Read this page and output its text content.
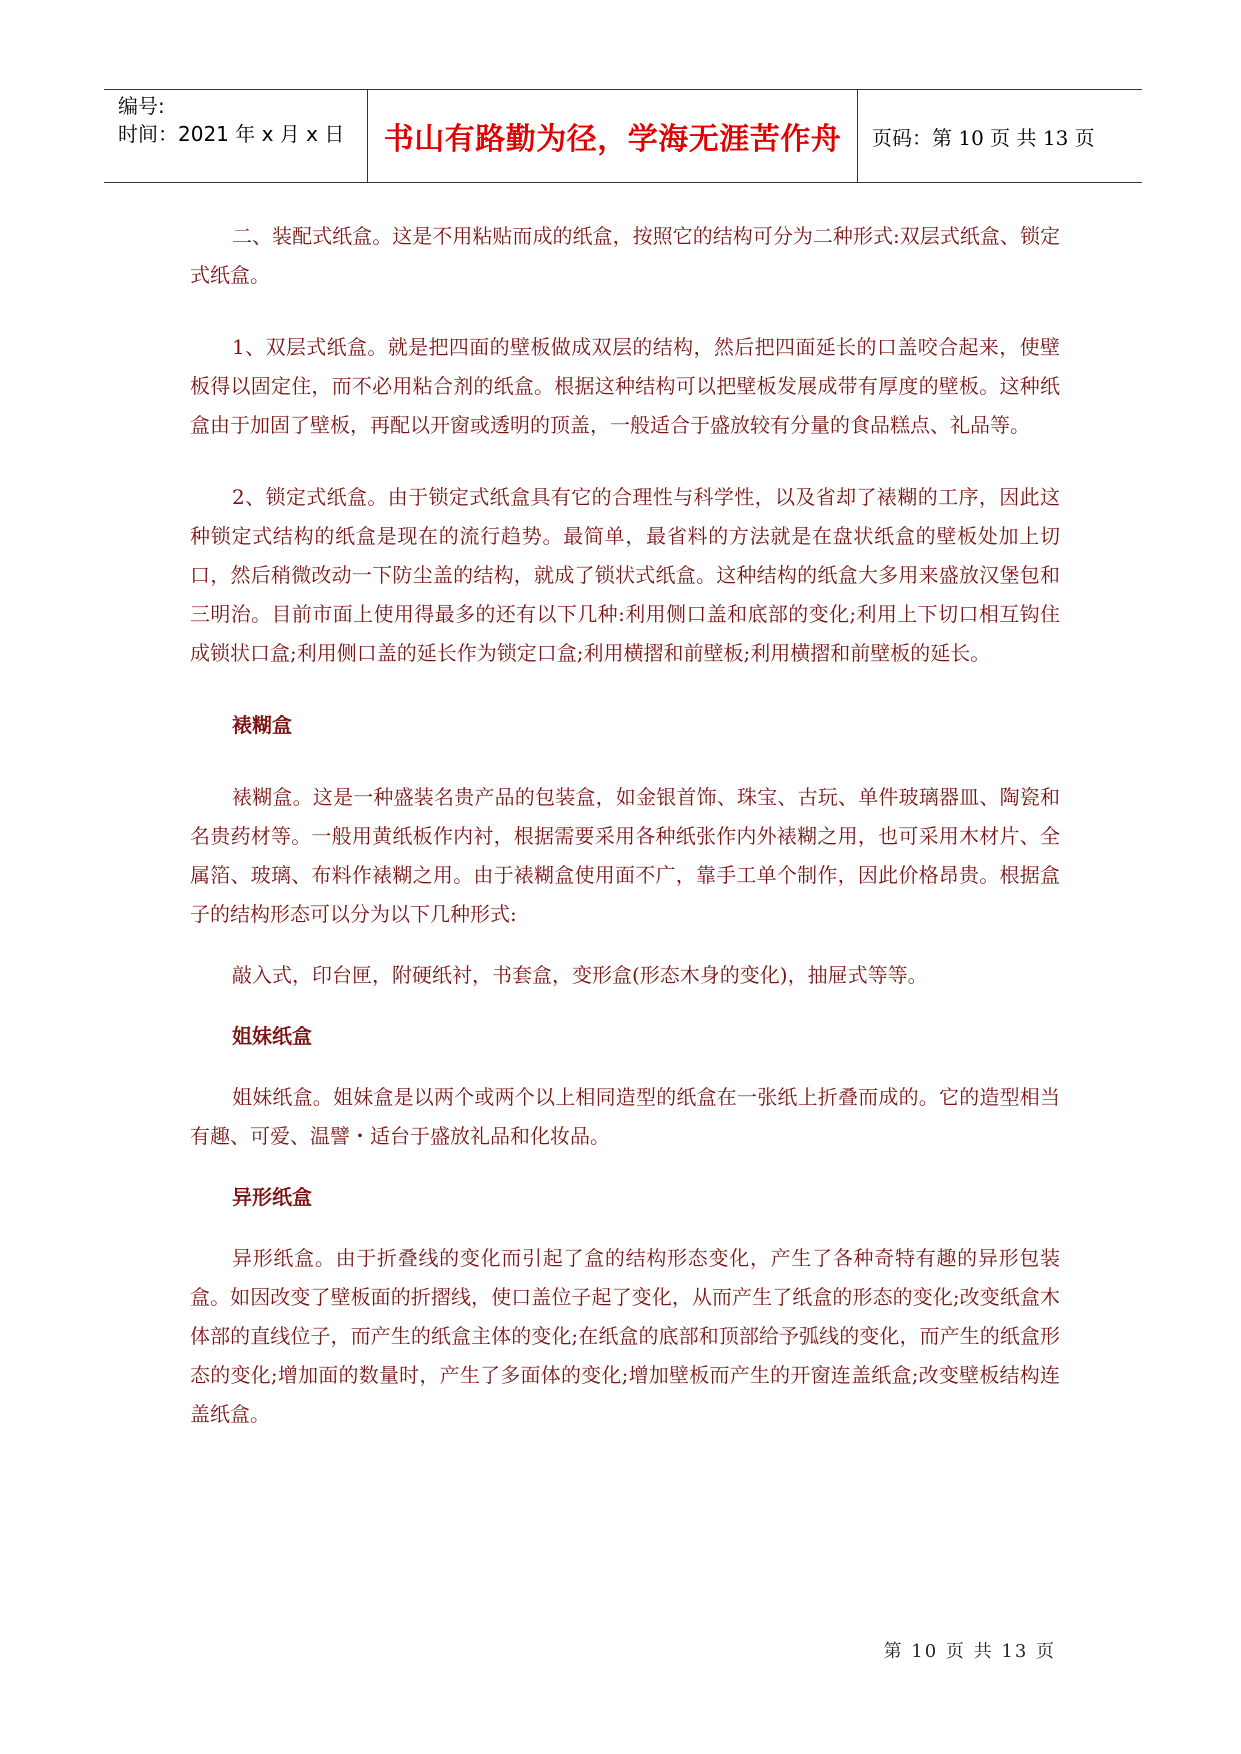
编号:
时间：2021 年 x 月 x 日	书山有路勤为径，学海无涯苦作舟	页码：第 10 页 共 13 页

二、装配式纸盒。这是不用粘贴而成的纸盒，按照它的结构可分为二种形式:双层式纸盒、锁定式纸盒。

1、双层式纸盒。就是把四面的壁板做成双层的结构，然后把四面延长的口盖咬合起来，使壁板得以固定住，而不必用粘合剂的纸盒。根据这种结构可以把壁板发展成带有厚度的壁板。这种纸盒由于加固了壁板，再配以开窗或透明的顶盖，一般适合于盛放较有分量的食品糕点、礼品等。

2、锁定式纸盒。由于锁定式纸盒具有它的合理性与科学性，以及省却了裱糊的工序，因此这种锁定式结构的纸盒是现在的流行趋势。最简单，最省料的方法就是在盘状纸盒的壁板处加上切口，然后稍微改动一下防尘盖的结构，就成了锁状式纸盒。这种结构的纸盒大多用来盛放汉堡包和三明治。目前市面上使用得最多的还有以下几种:利用侧口盖和底部的变化;利用上下切口相互钩住成锁状口盒;利用侧口盖的延长作为锁定口盒;利用横摺和前壁板;利用横摺和前壁板的延长。

裱糊盒

裱糊盒。这是一种盛装名贵产品的包装盒，如金银首饰、珠宝、古玩、单件玻璃器皿、陶瓷和名贵药材等。一般用黄纸板作内衬，根据需要采用各种纸张作内外裱糊之用，也可采用木材片、全属箔、玻璃、布料作裱糊之用。由于裱糊盒使用面不广，靠手工单个制作，因此价格昂贵。根据盒子的结构形态可以分为以下几种形式:

敲入式，印台匣，附硬纸衬，书套盒，变形盒(形态木身的变化)，抽屉式等等。

姐妹纸盒

姐妹纸盒。姐妹盒是以两个或两个以上相同造型的纸盒在一张纸上折叠而成的。它的造型相当有趣、可爱、温譬・适台于盛放礼品和化妆品。

异形纸盒

异形纸盒。由于折叠线的变化而引起了盒的结构形态变化，产生了各种奇特有趣的异形包装盒。如因改变了壁板面的折摺线，使口盖位子起了变化，从而产生了纸盒的形态的变化;改变纸盒木体部的直线位子，而产生的纸盒主体的变化;在纸盒的底部和顶部给予弧线的变化，而产生的纸盒形态的变化;增加面的数量时，产生了多面体的变化;增加壁板而产生的开窗连盖纸盒;改变壁板结构连盖纸盒。

第 10 页 共 13 页
